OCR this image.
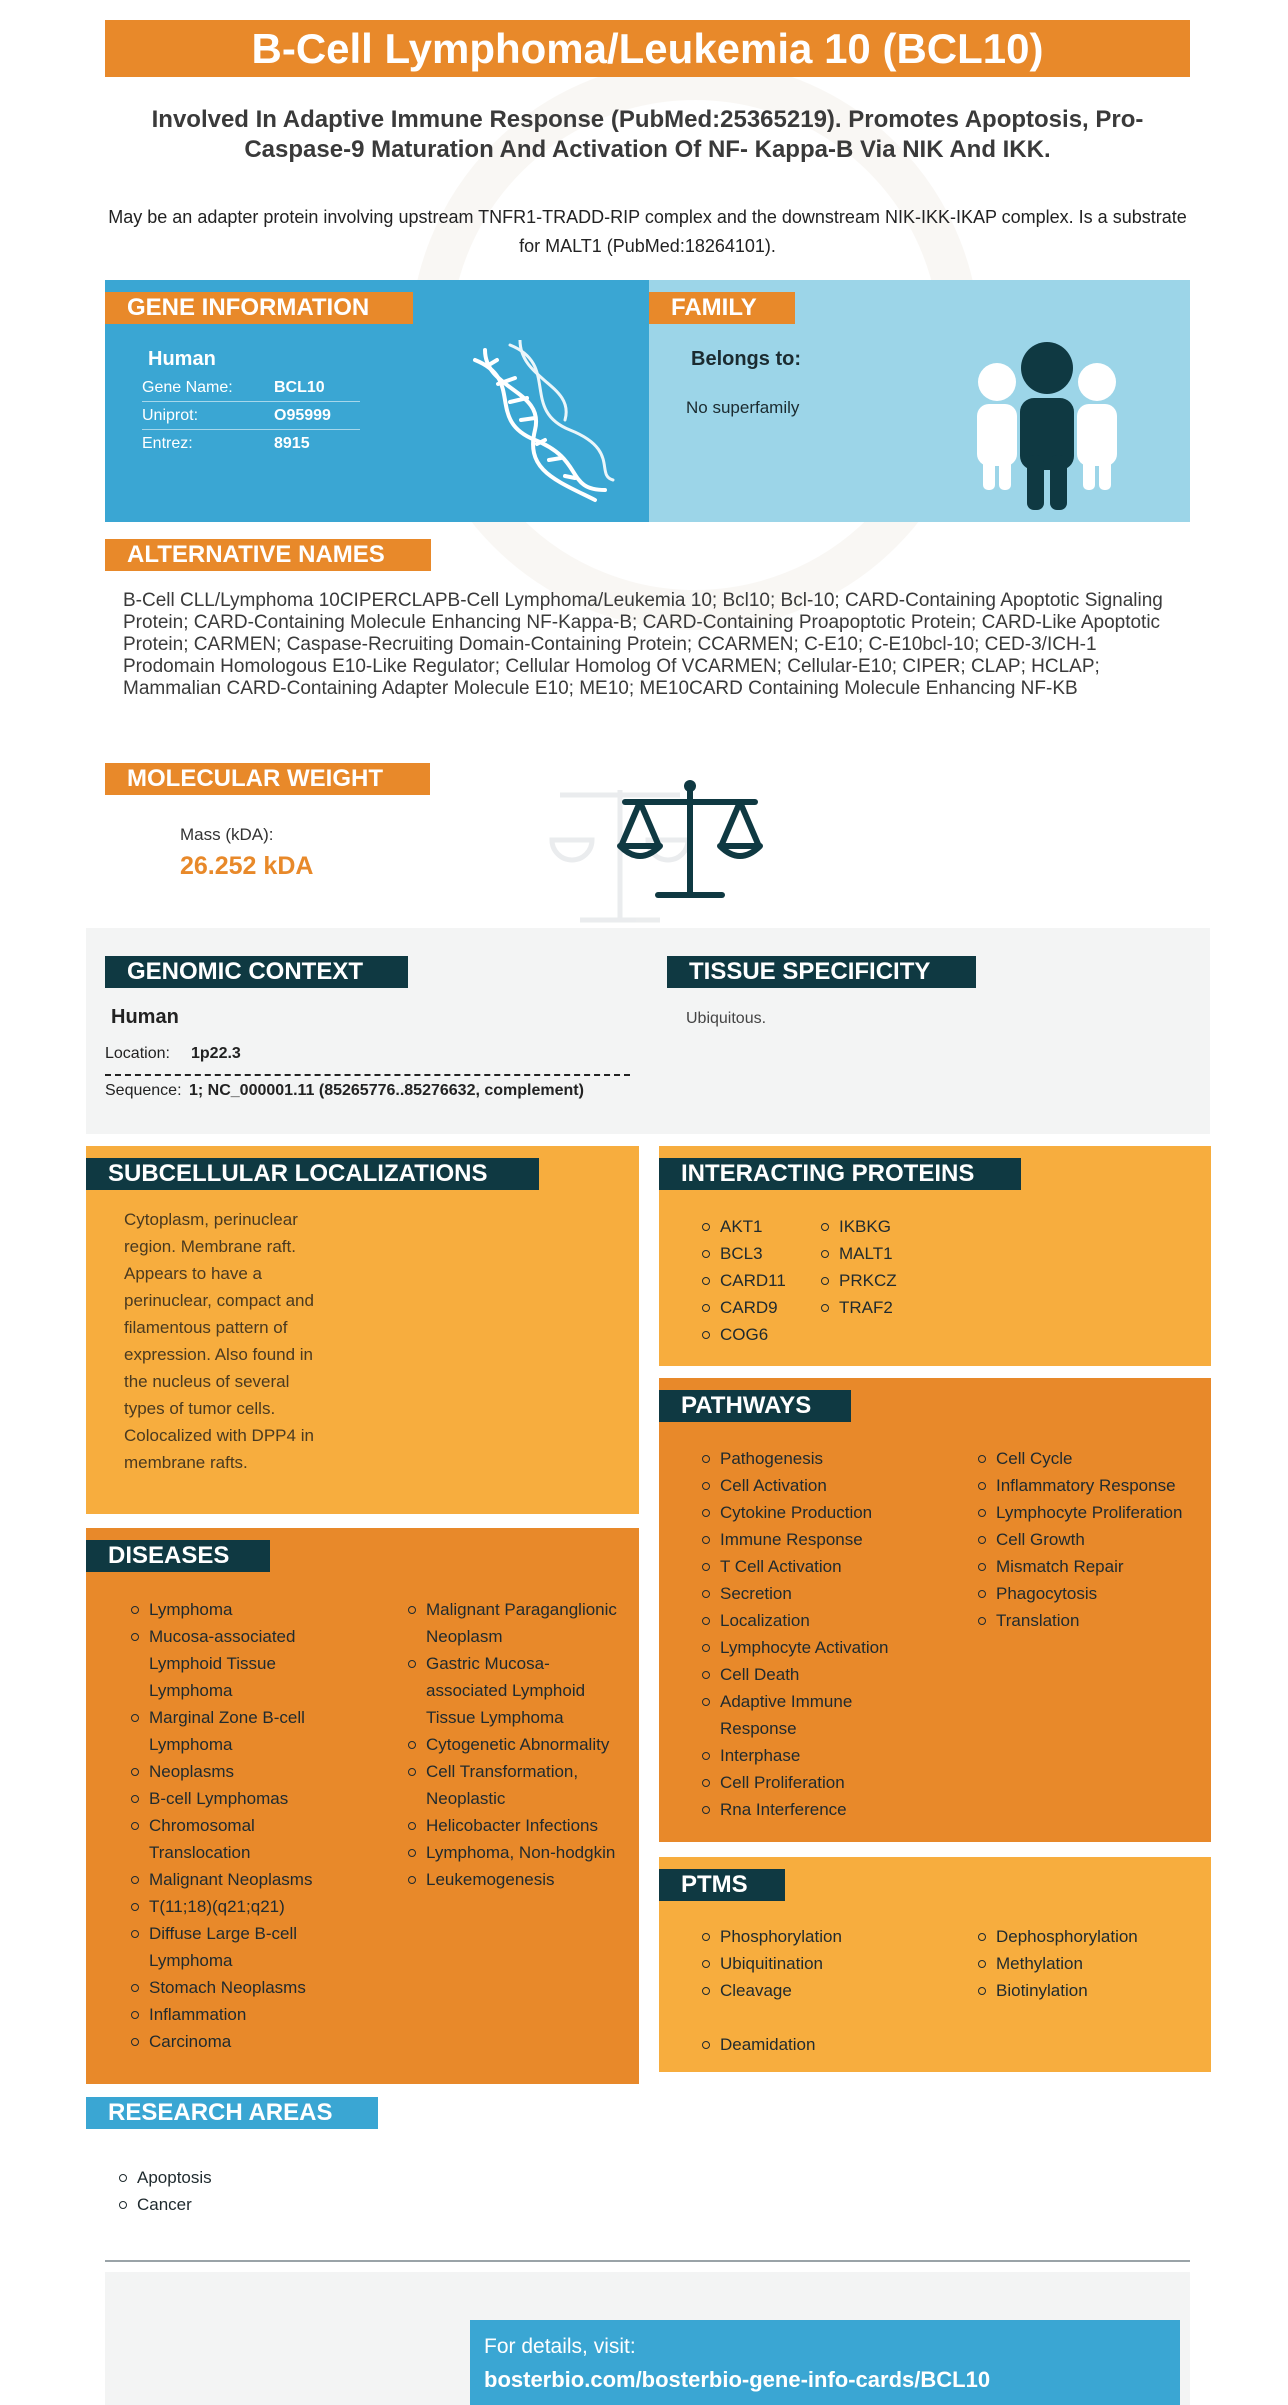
B-Cell Lymphoma/Leukemia 10 (BCL10)
Involved In Adaptive Immune Response (PubMed:25365219). Promotes Apoptosis, Pro-Caspase-9 Maturation And Activation Of NF- Kappa-B Via NIK And IKK.
May be an adapter protein involving upstream TNFR1-TRADD-RIP complex and the downstream NIK-IKK-IKAP complex. Is a substrate for MALT1 (PubMed:18264101).
GENE INFORMATION
Human
Gene Name:	BCL10
Uniprot:	O95999
Entrez:	8915
FAMILY
Belongs to:
No superfamily
ALTERNATIVE NAMES
B-Cell CLL/Lymphoma 10CIPERCLAPB-Cell Lymphoma/Leukemia 10; Bcl10; Bcl-10; CARD-Containing Apoptotic Signaling Protein; CARD-Containing Molecule Enhancing NF-Kappa-B; CARD-Containing Proapoptotic Protein; CARD-Like Apoptotic Protein; CARMEN; Caspase-Recruiting Domain-Containing Protein; CCARMEN; C-E10; C-E10bcl-10; CED-3/ICH-1 Prodomain Homologous E10-Like Regulator; Cellular Homolog Of VCARMEN; Cellular-E10; CIPER; CLAP; HCLAP; Mammalian CARD-Containing Adapter Molecule E10; ME10; ME10CARD Containing Molecule Enhancing NF-KB
MOLECULAR WEIGHT
Mass (kDA):
26.252 kDA
GENOMIC CONTEXT
Human
Location: 1p22.3
Sequence: 1; NC_000001.11 (85265776..85276632, complement)
TISSUE SPECIFICITY
Ubiquitous.
SUBCELLULAR LOCALIZATIONS
Cytoplasm, perinuclear region. Membrane raft. Appears to have a perinuclear, compact and filamentous pattern of expression. Also found in the nucleus of several types of tumor cells. Colocalized with DPP4 in membrane rafts.
INTERACTING PROTEINS
AKT1
BCL3
CARD11
CARD9
COG6
IKBKG
MALT1
PRKCZ
TRAF2
PATHWAYS
Pathogenesis
Cell Activation
Cytokine Production
Immune Response
T Cell Activation
Secretion
Localization
Lymphocyte Activation
Cell Death
Adaptive Immune Response
Interphase
Cell Proliferation
Rna Interference
Cell Cycle
Inflammatory Response
Lymphocyte Proliferation
Cell Growth
Mismatch Repair
Phagocytosis
Translation
DISEASES
Lymphoma
Mucosa-associated Lymphoid Tissue Lymphoma
Marginal Zone B-cell Lymphoma
Neoplasms
B-cell Lymphomas
Chromosomal Translocation
Malignant Neoplasms
T(11;18)(q21;q21)
Diffuse Large B-cell Lymphoma
Stomach Neoplasms
Inflammation
Carcinoma
Malignant Paraganglionic Neoplasm
Gastric Mucosa-associated Lymphoid Tissue Lymphoma
Cytogenetic Abnormality
Cell Transformation, Neoplastic
Helicobacter Infections
Lymphoma, Non-hodgkin
Leukemogenesis	PTMS
Phosphorylation
Ubiquitination
Cleavage
Deamidation
Dephosphorylation
Methylation
Biotinylation
RESEARCH AREAS
Apoptosis
Cancer
For details, visit:
bosterbio.com/bosterbio-gene-info-cards/BCL10
